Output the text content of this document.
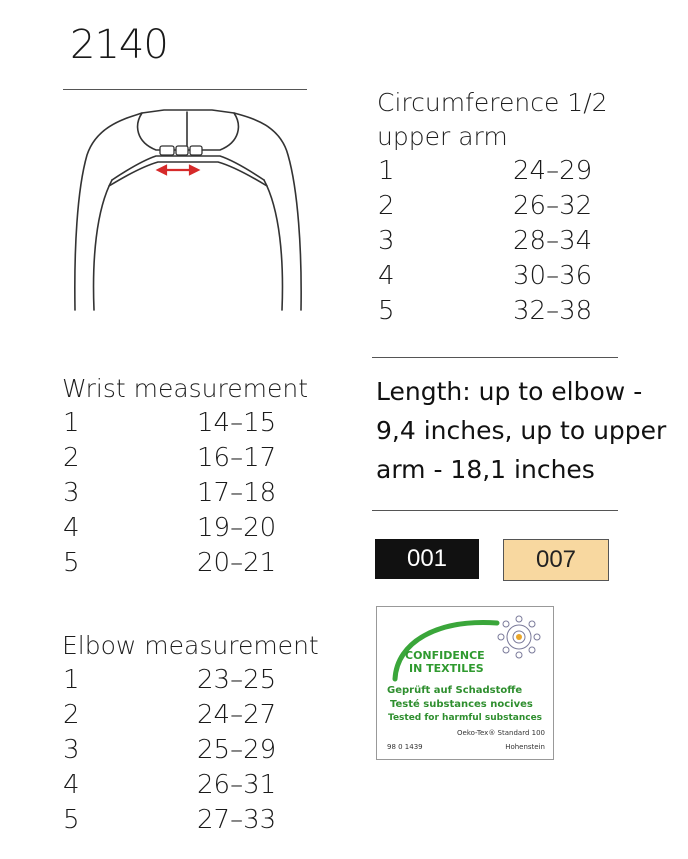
2140
Circumference 1/2
upper arm
1	24–29
2	26–32
3	28–34
4	30–36
5	32–38
Length: up to elbow -
9,4 inches, up to upper
arm - 18,1 inches
001	007
Wrist measurement
1	14–15
2	16–17
3	17–18
4	19–20
5	20–21
Elbow measurement
1	23–25
2	24–27
3	25–29
4	26–31
5	27–33
CONFIDENCE
IN TEXTILES
Geprüft auf Schadstoffe
Testé substances nocives
Tested for harmful substances
Oeko-Tex® Standard 100
98 0 1439	Hohenstein
